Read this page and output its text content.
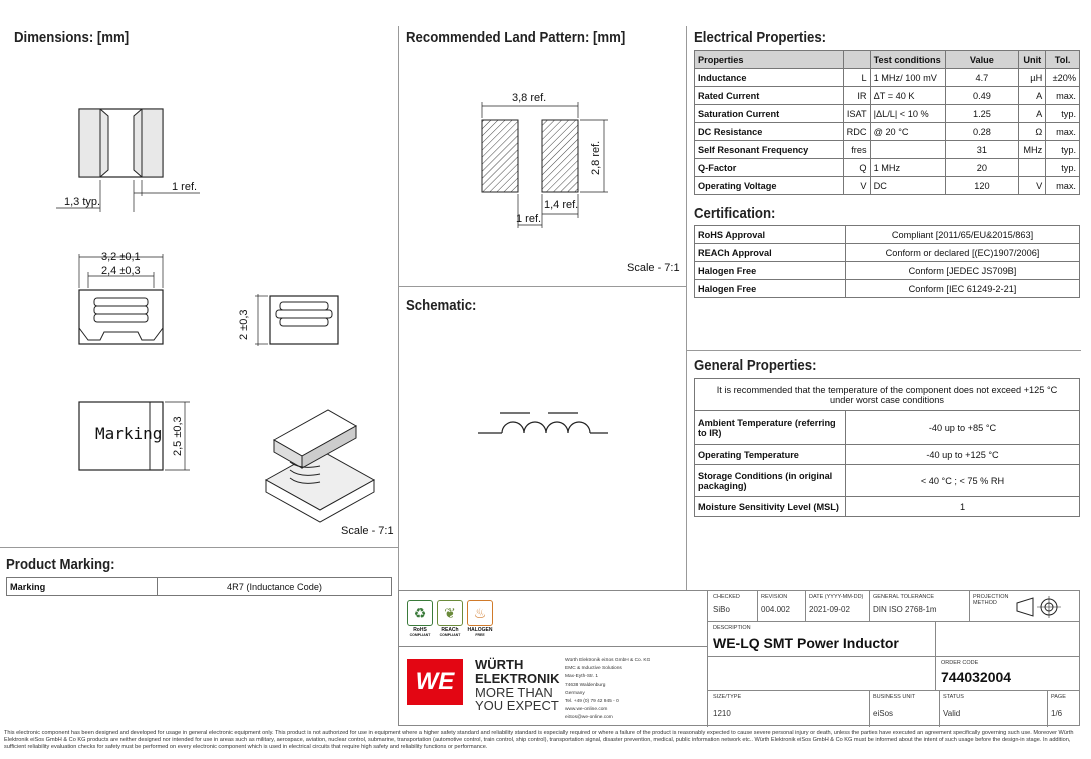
Dimensions: [mm]	Recommended Land Pattern: [mm]	Electrical Properties:
Certification:
Schematic:
General Properties:
Product Marking:
1,3 typ.
1 ref.
3,2 ±0,1
2,4 ±0,3
2 ±0,3
Marking 2,5 ±0,3
Scale - 7:1
3,8 ref.
2,8 ref.
1,4 ref.
1 ref.
Scale - 7:1
Properties		Test conditions	Value	Unit	Tol.
Inductance	L	1 MHz/ 100 mV	4.7	µH	±20%
Rated Current	IR	ΔT = 40 K	0.49	A	max.
Saturation Current	ISAT	|ΔL/L| < 10 %	1.25	A	typ.
DC Resistance	RDC	@ 20 °C	0.28	Ω	max.
Self Resonant Frequency	fres		31	MHz	typ.
Q-Factor	Q	1 MHz	20		typ.
Operating Voltage	V	DC	120	V	max.
RoHS Approval	Compliant [2011/65/EU&2015/863]
REACh Approval	Conform or declared [(EC)1907/2006]
Halogen Free	Conform [JEDEC JS709B]
Halogen Free	Conform [IEC 61249-2-21]
It is recommended that the temperature of the component does not exceed +125 °C under worst case conditions	
Ambient Temperature (referring to IR)	-40 up to +85 °C
Operating Temperature	-40 up to +125 °C
Storage Conditions (in original packaging)	< 40 °C ; < 75 % RH
Moisture Sensitivity Level (MSL)	1
Marking	4R7 (Inductance Code)
CHECKED
SiBo
REVISION
004.002
DATE (YYYY-MM-DD)
2021-09-02
GENERAL TOLERANCE
DIN ISO 2768-1m
PROJECTION METHOD
DESCRIPTION
WE-LQ SMT Power Inductor
ORDER CODE
744032004
SIZE/TYPE
1210
BUSINESS UNIT
eiSos
STATUS
Valid
PAGE
1/6
♻	❦	♨
RoHS
COMPLIANT
REACh
COMPLIANT
HALOGEN
FREE
WE
WÜRTH
ELEKTRONIK
MORE THAN
YOU EXPECT
Würth Elektronik eiSos GmbH & Co. KG
EMC & Inductive Solutions
Max-Eyth-Str. 1
74638 Waldenburg
Germany
Tel. +49 (0) 79 42 945 - 0
www.we-online.com
eiSos@we-online.com
This electronic component has been designed and developed for usage in general electronic equipment only. This product is not authorized for use in equipment where a higher safety standard and reliability standard is especially required or where a failure of the product is reasonably expected to cause severe personal injury or death, unless the parties have executed an agreement specifically governing such use. Moreover Würth Elektronik eiSos GmbH & Co KG products are neither designed nor intended for use in areas such as military, aerospace, aviation, nuclear control, submarine, transportation (automotive control, train control, ship control), transportation signal, disaster prevention, medical, public information network etc.. Würth Elektronik eiSos GmbH & Co KG must be informed about the intent of such usage before the design-in stage. In addition, sufficient reliability evaluation checks for safety must be performed on every electronic component which is used in electrical circuits that require high safety and reliability functions or performance.
